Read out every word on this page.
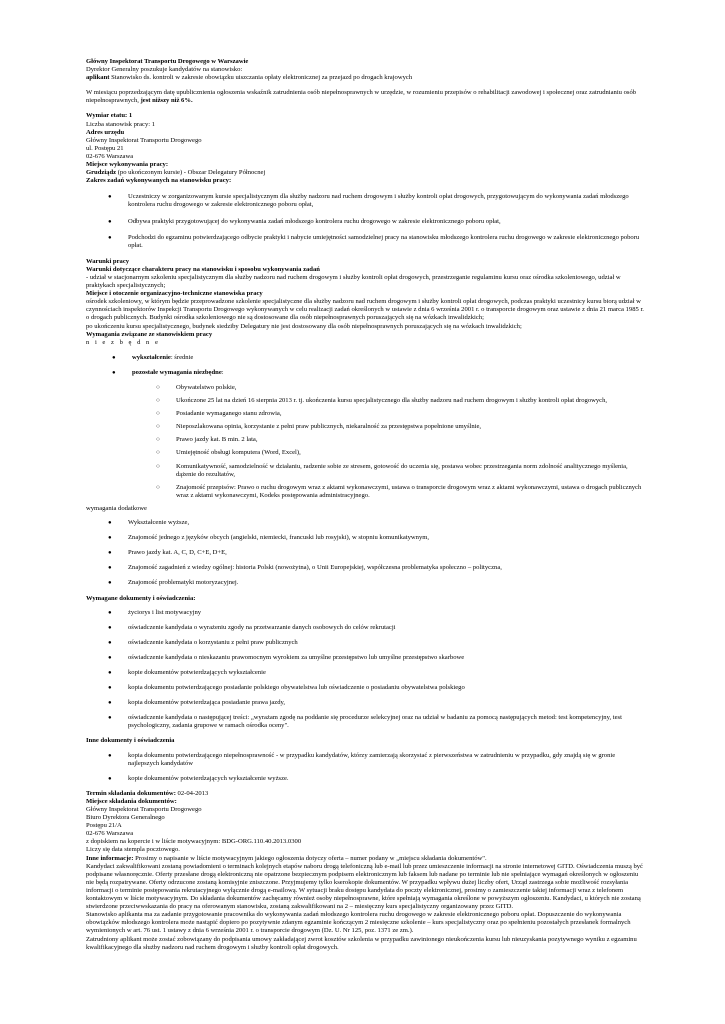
Główny Inspektorat Transportu Drogowego w Warszawie

Dyrektor Generalny poszukuje kandydatów na stanowisko:

aplikant Stanowisko ds. kontroli w zakresie obowiązku uiszczania opłaty elektronicznej za przejazd po drogach krajowych

W miesiącu poprzedzającym datę upublicznienia ogłoszenia wskaźnik zatrudnienia osób niepełnosprawnych w urzędzie, w rozumieniu przepisów o rehabilitacji zawodowej i społecznej oraz zatrudnianiu osób niepełnosprawnych, jest niższy niż 6%.

Wymiar etatu: 1

Liczba stanowisk pracy: 1

Adres urzędu

Główny Inspektorat Transportu Drogowego

ul. Postępu 21

02-676 Warszawa

Miejsce wykonywania pracy:

Grudziądz (po ukończonym kursie) - Obszar Delegatury Północnej

Zakres zadań wykonywanych na stanowisku pracy:

● Uczestniczy w zorganizowanym kursie specjalistycznym dla służby nadzoru nad ruchem drogowym i służby kontroli opłat drogowych, przygotowującym do wykonywania zadań młodszego kontrolera ruchu drogowego w zakresie elektronicznego poboru opłat,
● Odbywa praktyki przygotowującej do wykonywania zadań młodszego kontrolera ruchu drogowego w zakresie elektronicznego poboru opłat,
● Podchodzi do egzaminu potwierdzającego odbycie praktyki i nabycie umiejętności samodzielnej pracy na stanowisku młodszego kontrolera ruchu drogowego w zakresie elektronicznego poboru opłat.

Warunki pracy

Warunki dotyczące charakteru pracy na stanowisku i sposobu wykonywania zadań

- udział w stacjonarnym szkoleniu specjalistycznym dla służby nadzoru nad ruchem drogowym i służby kontroli opłat drogowych, przestrzeganie regulaminu kursu oraz ośrodka szkoleniowego, udział w praktykach specjalistycznych;

Miejsce i otoczenie organizacyjno-techniczne stanowiska pracy

ośrodek szkoleniowy, w którym będzie przeprowadzone szkolenie specjalistyczne dla służby nadzoru nad ruchem drogowym i służby kontroli opłat drogowych, podczas praktyki uczestnicy kursu biorą udział w czynnościach inspektorów Inspekcji Transportu Drogowego wykonywanych w celu realizacji zadań określonych w ustawie z dnia 6 września 2001 r. o transporcie drogowym oraz ustawie z dnia 21 marca 1985 r. o drogach publicznych. Budynki ośrodka szkoleniowego nie są dostosowane dla osób niepełnosprawnych poruszających się na wózkach inwalidzkich;

po ukończeniu kursu specjalistycznego, budynek siedziby Delegatury nie jest dostosowany dla osób niepełnosprawnych poruszających się na wózkach inwalidzkich;

Wymagania związane ze stanowiskiem pracy

n i e z b ę d n e

● wykształcenie: średnie
● pozostałe wymagania niezbędne:
○ Obywatelstwo polskie,
○ Ukończone 25 lat na dzień 16 sierpnia 2013 r. tj. ukończenia kursu specjalistycznego dla służby nadzoru nad ruchem drogowym i służby kontroli opłat drogowych,
○ Posiadanie wymaganego stanu zdrowia,
○ Nieposzlakowana opinia, korzystanie z pełni praw publicznych, niekaralność za przestępstwa popełnione umyślnie,
○ Prawo jazdy kat. B min. 2 lata,
○ Umiejętność obsługi komputera (Word, Excel),
○ Komunikatywność, samodzielność w działaniu, radzenie sobie ze stresem, gotowość do uczenia się, postawa wobec przestrzegania norm zdolność analitycznego myślenia, dążenie do rezultatów,
○ Znajomość przepisów: Prawo o ruchu drogowym wraz z aktami wykonawczymi, ustawa o transporcie drogowym wraz z aktami wykonawczymi, ustawa o drogach publicznych wraz z aktami wykonawczymi, Kodeks postępowania administracyjnego.

wymagania dodatkowe

● Wykształcenie wyższe,
● Znajomość jednego z języków obcych (angielski, niemiecki, francuski lub rosyjski), w stopniu komunikatywnym,
● Prawo jazdy kat. A, C, D, C+E, D+E,
● Znajomość zagadnień z wiedzy ogólnej: historia Polski (nowożytna), o Unii Europejskiej, współczesna problematyka społeczno – polityczna,
● Znajomość problematyki motoryzacyjnej.

Wymagane dokumenty i oświadczenia:

● życiorys i list motywacyjny
● oświadczenie kandydata o wyrażeniu zgody na przetwarzanie danych osobowych do celów rekrutacji
● oświadczenie kandydata o korzystaniu z pełni praw publicznych
● oświadczenie kandydata o nieskazaniu prawomocnym wyrokiem za umyślne przestępstwo lub umyślne przestępstwo skarbowe
● kopie dokumentów potwierdzających wykształcenie
● kopia dokumentu potwierdzającego posiadanie polskiego obywatelstwa lub oświadczenie o posiadaniu obywatelstwa polskiego
● kopia dokumentów potwierdzająca posiadanie prawa jazdy,
● oświadczenie kandydata o następującej treści: „wyrażam zgodę na poddanie się procedurze selekcyjnej oraz na udział w badaniu za pomocą następujących metod: test kompetencyjny, test psychologiczny, zadania grupowe w ramach ośrodka oceny".

Inne dokumenty i oświadczenia

● kopia dokumentu potwierdzającego niepełnosprawność - w przypadku kandydatów, którzy zamierzają skorzystać z pierwszeństwa w zatrudnieniu w przypadku, gdy znajdą się w gronie najlepszych kandydatów
● kopie dokumentów potwierdzających wykształcenie wyższe.

Termin składania dokumentów: 02-04-2013

Miejsce składania dokumentów:

Główny Inspektorat Transportu Drogowego

Biuro Dyrektora Generalnego

Postępu 21/A

02-676 Warszawa

z dopiskiem na kopercie i w liście motywacyjnym: BDG-ORG.110.40.2013.0300

Liczy się data stempla pocztowego.

Inne informacje: Prosimy o napisanie w liście motywacyjnym jakiego ogłoszenia dotyczy oferta – numer podany w „miejscu składania dokumentów".

Kandydaci zakwalifikowani zostaną powiadomieni o terminach kolejnych etapów naboru drogą telefoniczną lub e-mail lub przez umieszczenie informacji na stronie internetowej GITD. Oświadczenia muszą być podpisane własnoręcznie. Oferty przesłane drogą elektroniczną nie opatrzone bezpiecznym podpisem elektronicznym lub faksem lub nadane po terminie lub nie spełniające wymagań określonych w ogłoszeniu nie będą rozpatrywane. Oferty odrzucone zostaną komisyjnie zniszczone. Przyjmujemy tylko kserokopie dokumentów. W przypadku wpływu dużej liczby ofert, Urząd zastrzega sobie możliwość rozsyłania informacji o terminie postępowania rekrutacyjnego wyłącznie drogą e-mailową. W sytuacji braku dostępu kandydata do poczty elektronicznej, prosimy o zamieszczenie takiej informacji wraz z telefonem kontaktowym w liście motywacyjnym. Do składania dokumentów zachęcamy również osoby niepełnosprawne, które spełniają wymagania określone w powyższym ogłoszeniu. Kandydaci, u których nie zostaną stwierdzone przeciwwskazania do pracy na oferowanym stanowisku, zostaną zakwalifikowani na 2 – miesięczny kurs specjalistyczny organizowany przez GITD.

Stanowisko aplikanta ma za zadanie przygotowanie pracownika do wykonywania zadań młodszego kontrolera ruchu drogowego w zakresie elektronicznego poboru opłat. Dopuszczenie do wykonywania obowiązków młodszego kontrolera może nastąpić dopiero po pozytywnie zdanym egzaminie kończącym 2 miesięczne szkolenie – kurs specjalistyczny oraz po spełnieniu pozostałych przesłanek formalnych wymienionych w art. 76 ust. 1 ustawy z dnia 6 września 2001 r. o transporcie drogowym (Dz. U. Nr 125, poz. 1371 ze zm.).

Zatrudniony aplikant może zostać zobowiązany do podpisania umowy zakładającej zwrot kosztów szkolenia w przypadku zawinionego nieukończenia kursu lub nieuzyskania pozytywnego wyniku z egzaminu kwalifikacyjnego dla służby nadzoru nad ruchem drogowym i służby kontroli opłat drogowych.
